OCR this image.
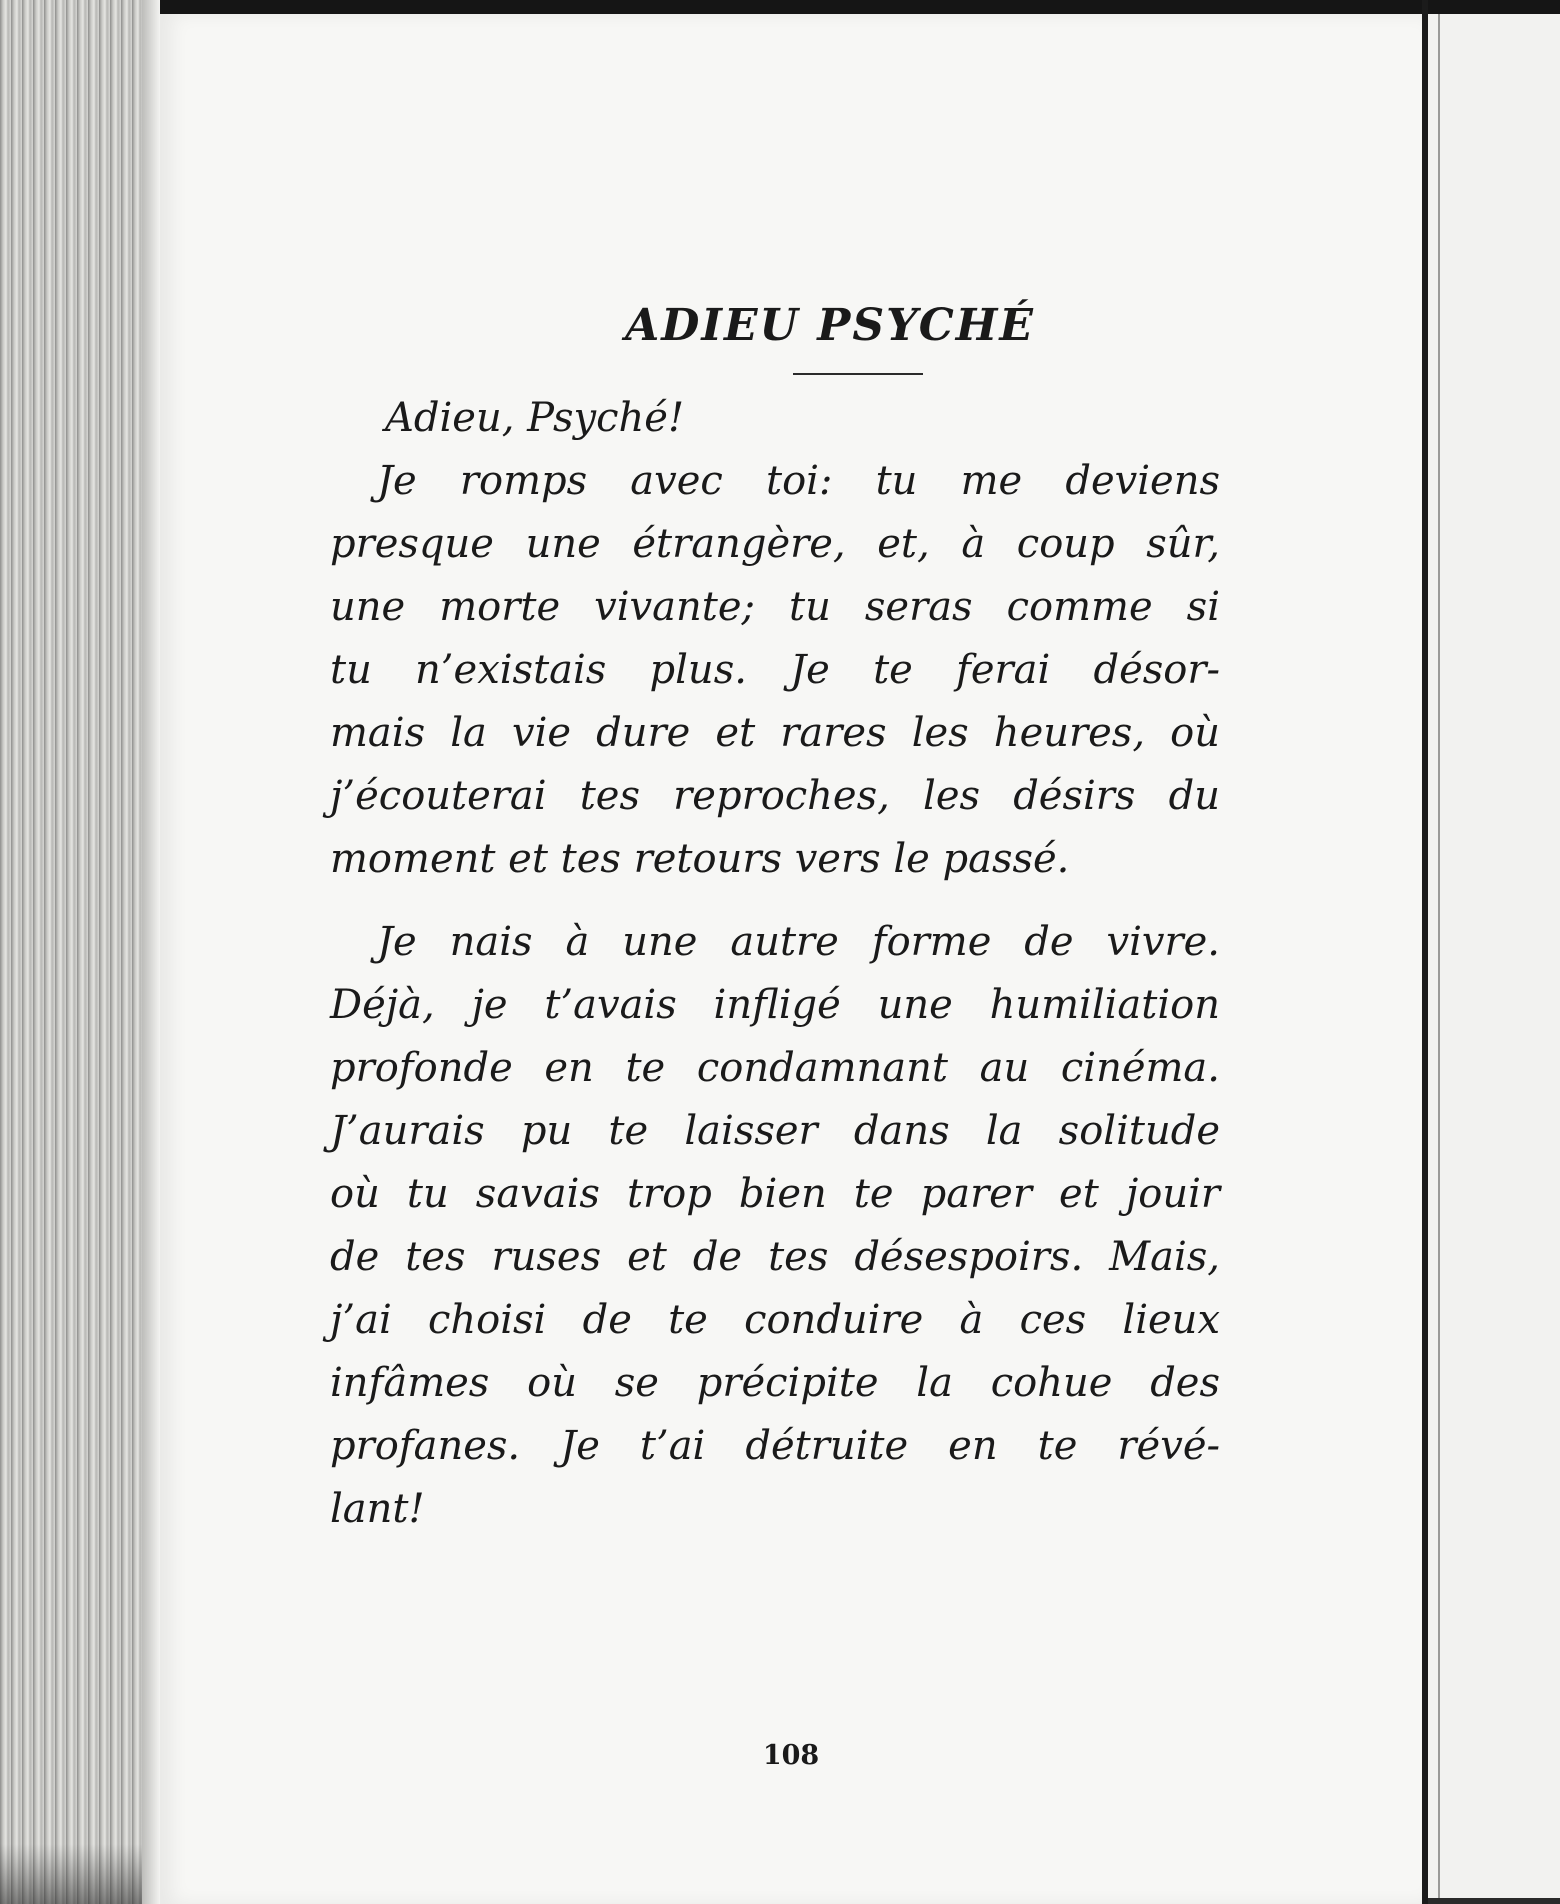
ADIEU PSYCHÉ
Adieu, Psyché!
Je romps avec toi: tu me deviens
presque une étrangère, et, à coup sûr,
une morte vivante; tu seras comme si
tu n’existais plus. Je te ferai désor-
mais la vie dure et rares les heures, où
j’écouterai tes reproches, les désirs du
moment et tes retours vers le passé.
Je nais à une autre forme de vivre.
Déjà, je t’avais infligé une humiliation
profonde en te condamnant au cinéma.
J’aurais pu te laisser dans la solitude
où tu savais trop bien te parer et jouir
de tes ruses et de tes désespoirs. Mais,
j’ai choisi de te conduire à ces lieux
infâmes où se précipite la cohue des
profanes. Je t’ai détruite en te révé-
lant!
108
